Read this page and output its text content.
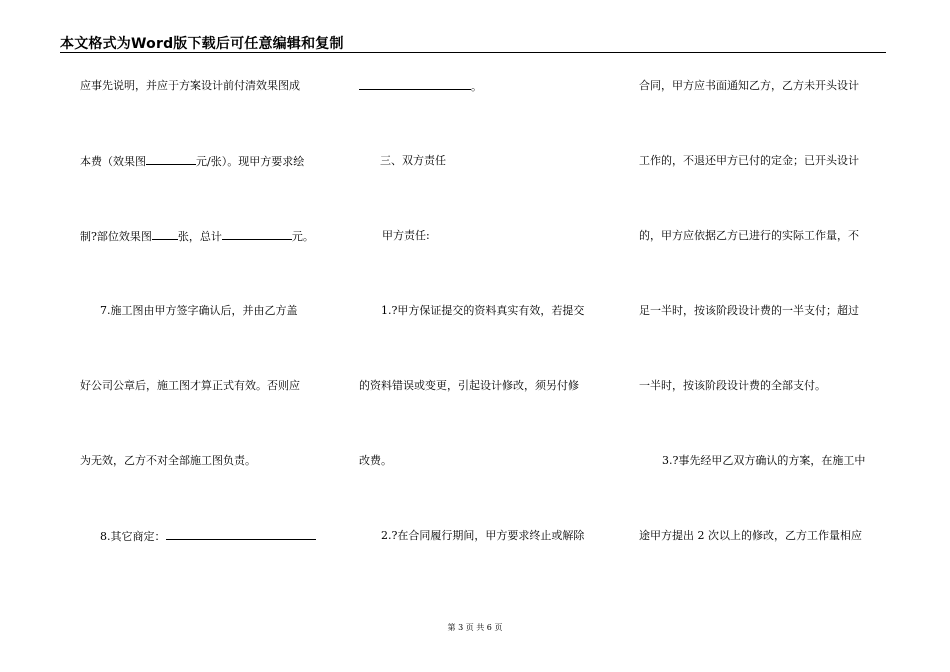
本文格式为Word版下载后可任意编辑和复制
应事先说明，并应于方案设计前付清效果图成
本费（效果图	元/张）。现甲方要求绘
制?部位效果图 张，总计	元。
7.施工图由甲方签字确认后，并由乙方盖
好公司公章后，施工图才算正式有效。否则应
为无效，乙方不对全部施工图负责。
8.其它商定：
。
三、双方责任
甲方责任:
1.?甲方保证提交的资料真实有效，若提交
的资料错误或变更，引起设计修改，须另付修
改费。
2.?在合同履行期间，甲方要求终止或解除
合同，甲方应书面通知乙方，乙方未开头设计
工作的，不退还甲方已付的定金；已开头设计
的，甲方应依据乙方已进行的实际工作量，不
足一半时，按该阶段设计费的一半支付；超过
一半时，按该阶段设计费的全部支付。
3.?事先经甲乙双方确认的方案，在施工中
途甲方提出 2 次以上的修改，乙方工作量相应
第 3 页 共 6 页
